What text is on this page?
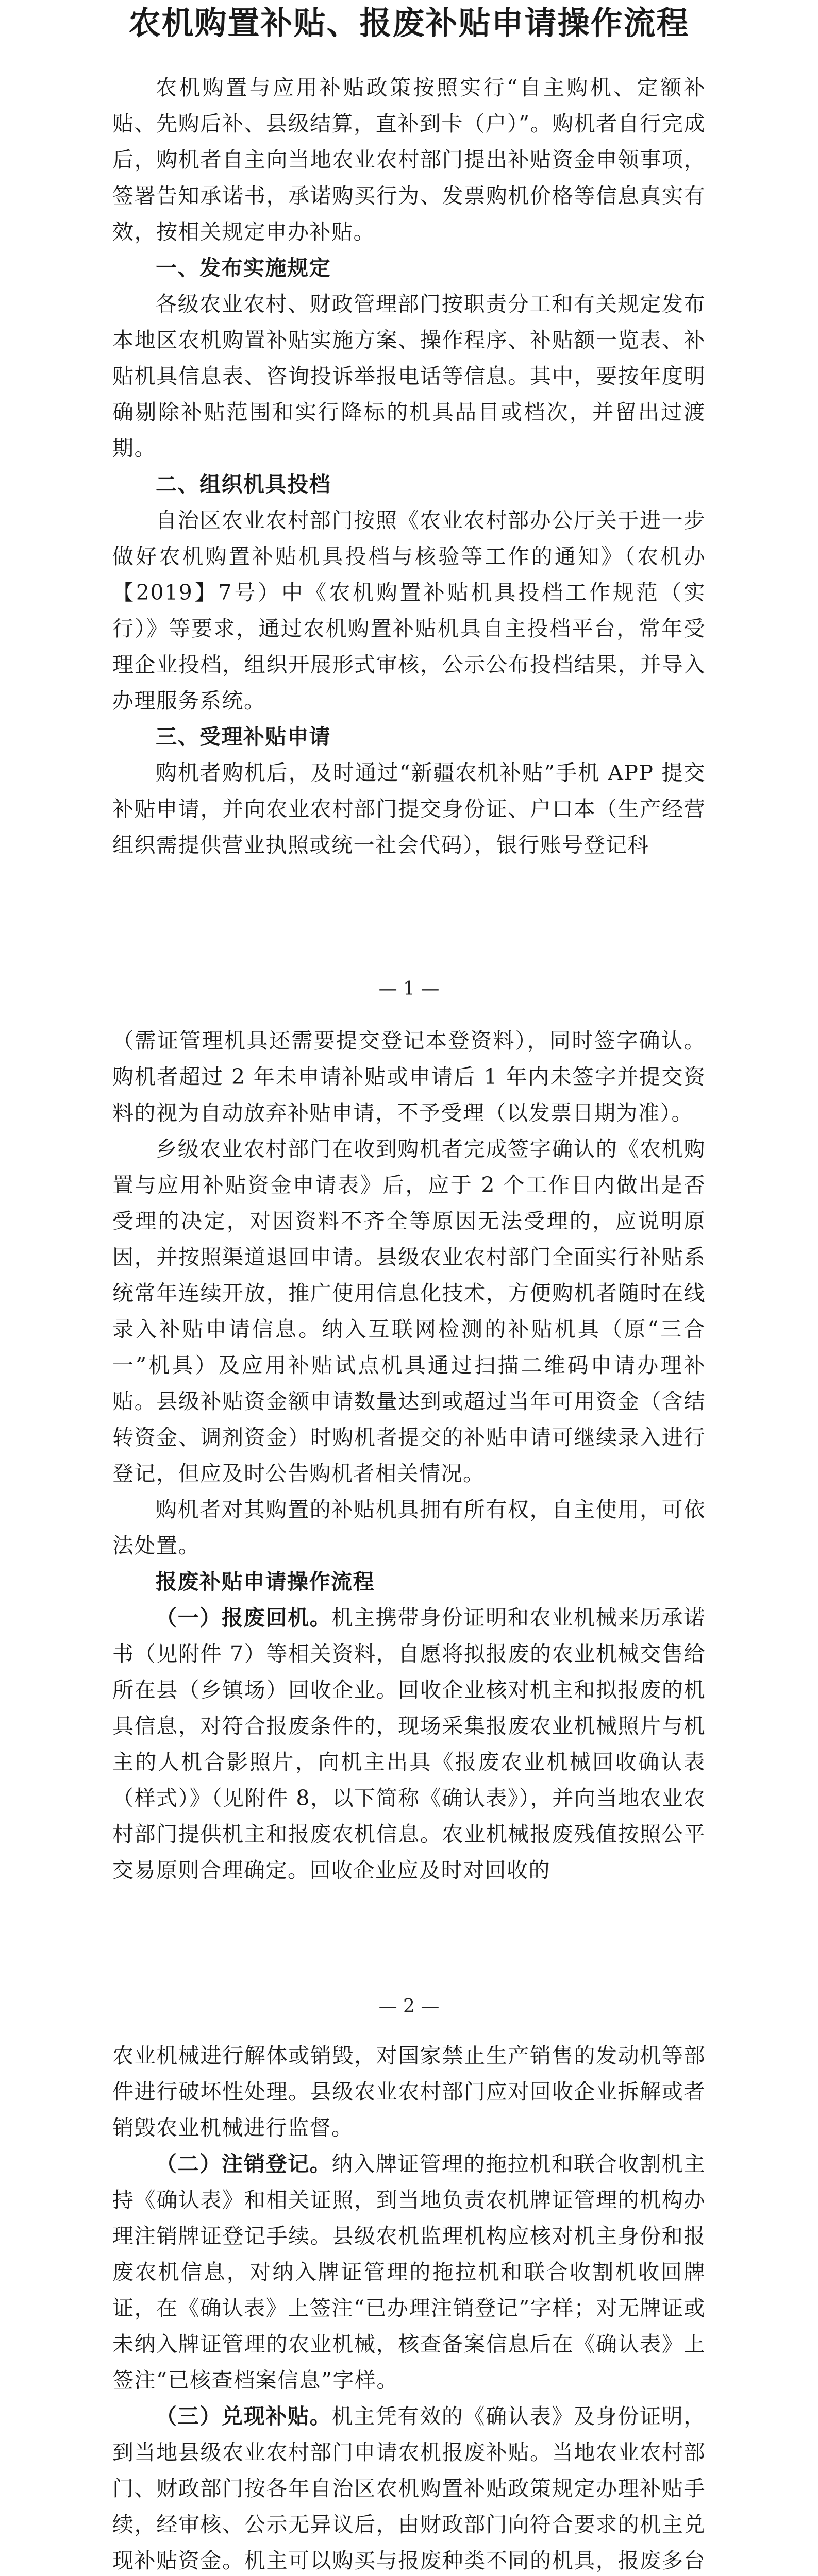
农机购置补贴、报废补贴申请操作流程

农机购置与应用补贴政策按照实行“自主购机、定额补贴、先购后补、县级结算，直补到卡（户）”。购机者自行完成后，购机者自主向当地农业农村部门提出补贴资金申领事项，签署告知承诺书，承诺购买行为、发票购机价格等信息真实有效，按相关规定申办补贴。

一、发布实施规定

各级农业农村、财政管理部门按职责分工和有关规定发布本地区农机购置补贴实施方案、操作程序、补贴额一览表、补贴机具信息表、咨询投诉举报电话等信息。其中，要按年度明确剔除补贴范围和实行降标的机具品目或档次，并留出过渡期。

二、组织机具投档

自治区农业农村部门按照《农业农村部办公厅关于进一步做好农机购置补贴机具投档与核验等工作的通知》（农机办【2019】7号）中《农机购置补贴机具投档工作规范（实行）》等要求，通过农机购置补贴机具自主投档平台，常年受理企业投档，组织开展形式审核，公示公布投档结果，并导入办理服务系统。

三、受理补贴申请

购机者购机后，及时通过“新疆农机补贴”手机 APP 提交补贴申请，并向农业农村部门提交身份证、户口本（生产经营组织需提供营业执照或统一社会代码），银行账号登记科

— 1 —

（需证管理机具还需要提交登记本登资料），同时签字确认。购机者超过 2 年未申请补贴或申请后 1 年内未签字并提交资料的视为自动放弃补贴申请，不予受理（以发票日期为准）。

乡级农业农村部门在收到购机者完成签字确认的《农机购置与应用补贴资金申请表》后，应于 2 个工作日内做出是否受理的决定，对因资料不齐全等原因无法受理的，应说明原因，并按照渠道退回申请。县级农业农村部门全面实行补贴系统常年连续开放，推广使用信息化技术，方便购机者随时在线录入补贴申请信息。纳入互联网检测的补贴机具（原“三合一”机具）及应用补贴试点机具通过扫描二维码申请办理补贴。县级补贴资金额申请数量达到或超过当年可用资金（含结转资金、调剂资金）时购机者提交的补贴申请可继续录入进行登记，但应及时公告购机者相关情况。

购机者对其购置的补贴机具拥有所有权，自主使用，可依法处置。

报废补贴申请操作流程

（一）报废回机。机主携带身份证明和农业机械来历承诺书（见附件 7）等相关资料，自愿将拟报废的农业机械交售给所在县（乡镇场）回收企业。回收企业核对机主和拟报废的机具信息，对符合报废条件的，现场采集报废农业机械照片与机主的人机合影照片，向机主出具《报废农业机械回收确认表（样式）》（见附件 8，以下简称《确认表》），并向当地农业农村部门提供机主和报废农机信息。农业机械报废残值按照公平交易原则合理确定。回收企业应及时对回收的

— 2 —

农业机械进行解体或销毁，对国家禁止生产销售的发动机等部件进行破坏性处理。县级农业农村部门应对回收企业拆解或者销毁农业机械进行监督。

（二）注销登记。纳入牌证管理的拖拉机和联合收割机主持《确认表》和相关证照，到当地负责农机牌证管理的机构办理注销牌证登记手续。县级农机监理机构应核对机主身份和报废农机信息，对纳入牌证管理的拖拉机和联合收割机收回牌证，在《确认表》上签注“已办理注销登记”字样；对无牌证或未纳入牌证管理的农业机械，核查备案信息后在《确认表》上签注“已核查档案信息”字样。

（三）兑现补贴。机主凭有效的《确认表》及身份证明，到当地县级农业农村部门申请农机报废补贴。当地农业农村部门、财政部门按各年自治区农机购置补贴政策规定办理补贴手续，经审核、公示无异议后，由财政部门向符合要求的机主兑现补贴资金。机主可以购买与报废种类不同的机具，报废多台
